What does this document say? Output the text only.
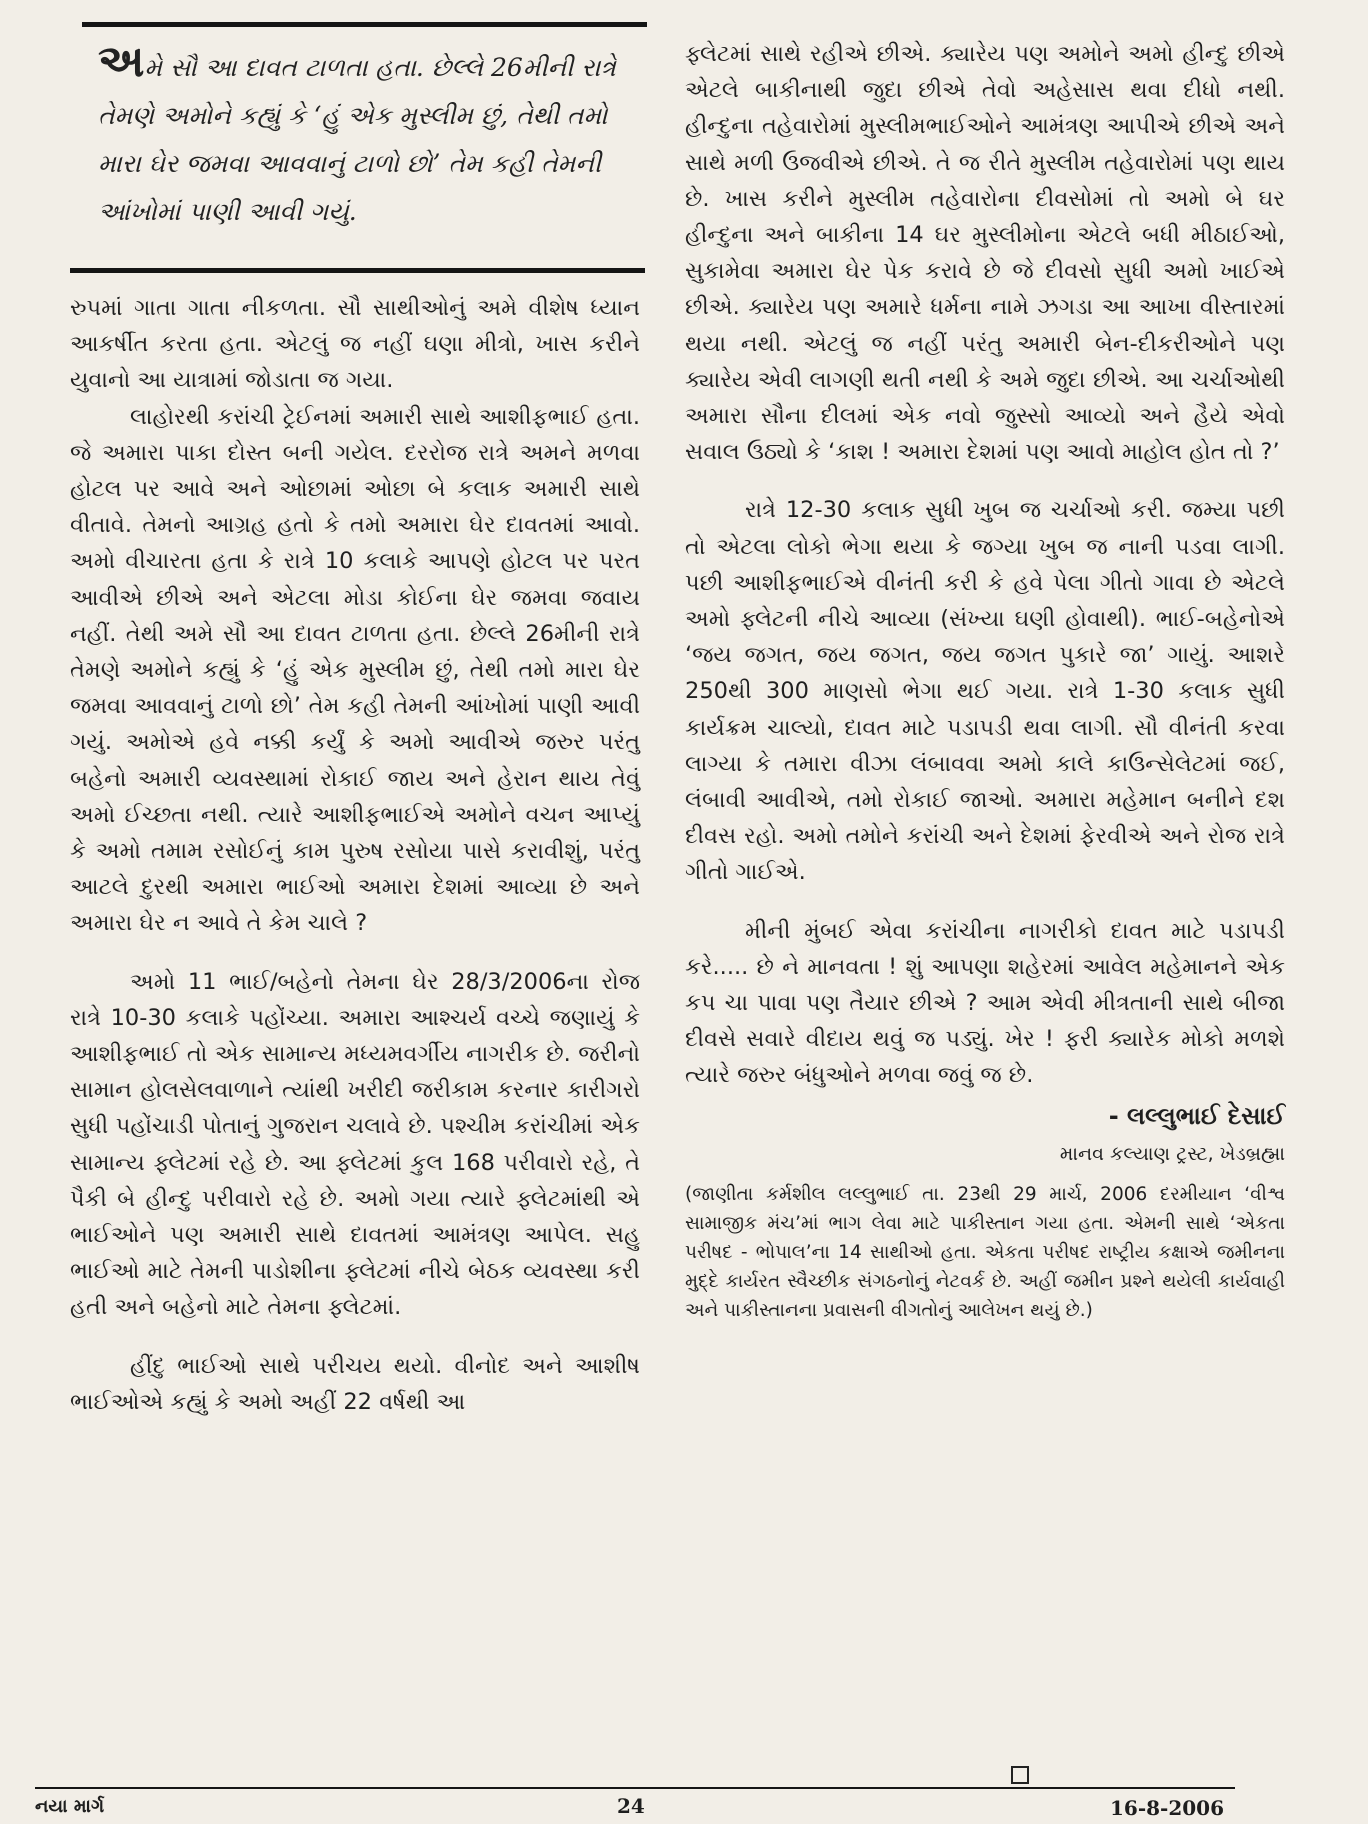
અમે સૌ આ દાવત ટાળતા હતા. છેલ્લે 26મીની રાત્રે તેમણે અમોને કહ્યું કે ‘હું એક મુસ્લીમ છું, તેથી તમો મારા ઘેર જમવા આવવાનું ટાળો છો’ તેમ કહી તેમની આંખોમાં પાણી આવી ગયું.

રુપમાં ગાતા ગાતા નીકળતા. સૌ સાથીઓનું અમે વીશેષ ધ્યાન આકર્ષીત કરતા હતા. એટલું જ નહીં ઘણા મીત્રો, ખાસ કરીને યુવાનો આ યાત્રામાં જોડાતા જ ગયા.

લાહોરથી કરાંચી ટ્રેઈનમાં અમારી સાથે આશીફભાઈ હતા. જે અમારા પાકા દોસ્ત બની ગયેલ. દરરોજ રાત્રે અમને મળવા હોટલ પર આવે અને ઓછામાં ઓછા બે કલાક અમારી સાથે વીતાવે. તેમનો આગ્રહ હતો કે તમો અમારા ઘેર દાવતમાં આવો. અમો વીચારતા હતા કે રાત્રે 10 કલાકે આપણે હોટલ પર પરત આવીએ છીએ અને એટલા મોડા કોઈના ઘેર જમવા જવાય નહીં. તેથી અમે સૌ આ દાવત ટાળતા હતા. છેલ્લે 26મીની રાત્રે તેમણે અમોને કહ્યું કે ‘હું એક મુસ્લીમ છું, તેથી તમો મારા ઘેર જમવા આવવાનું ટાળો છો’ તેમ કહી તેમની આંખોમાં પાણી આવી ગયું. અમોએ હવે નક્કી કર્યું કે અમો આવીએ જરુર પરંતુ બહેનો અમારી વ્યવસ્થામાં રોકાઈ જાય અને હેરાન થાય તેવું અમો ઈચ્છતા નથી. ત્યારે આશીફભાઈએ અમોને વચન આપ્યું કે અમો તમામ રસોઈનું કામ પુરુષ રસોયા પાસે કરાવીશું, પરંતુ આટલે દુરથી અમારા ભાઈઓ અમારા દેશમાં આવ્યા છે અને અમારા ઘેર ન આવે તે કેમ ચાલે ?

અમો 11 ભાઈ/બહેનો તેમના ઘેર 28/3/2006ના રોજ રાત્રે 10-30 કલાકે પહોંચ્યા. અમારા આશ્ચર્ય વચ્ચે જણાયું કે આશીફભાઈ તો એક સામાન્ય મધ્યમવર્ગીય નાગરીક છે. જરીનો સામાન હોલસેલવાળાને ત્યાંથી ખરીદી જરીકામ કરનાર કારીગરો સુધી પહોંચાડી પોતાનું ગુજરાન ચલાવે છે. પશ્ચીમ કરાંચીમાં એક સામાન્ય ફ્લેટમાં રહે છે. આ ફ્લેટમાં કુલ 168 પરીવારો રહે, તે પૈકી બે હીન્દુ પરીવારો રહે છે. અમો ગયા ત્યારે ફ્લેટમાંથી એ ભાઈઓને પણ અમારી સાથે દાવતમાં આમંત્રણ આપેલ. સહુ ભાઈઓ માટે તેમની પાડોશીના ફ્લેટમાં નીચે બેઠક વ્યવસ્થા કરી હતી અને બહેનો માટે તેમના ફ્લેટમાં.

હીંદુ ભાઈઓ સાથે પરીચય થયો. વીનોદ અને આશીષ ભાઈઓએ કહ્યું કે અમો અહીં 22 વર્ષથી આ

ફ્લેટમાં સાથે રહીએ છીએ. ક્યારેય પણ અમોને અમો હીન્દુ છીએ એટલે બાકીનાથી જુદા છીએ તેવો અહેસાસ થવા દીધો નથી. હીન્દુના તહેવારોમાં મુસ્લીમભાઈઓને આમંત્રણ આપીએ છીએ અને સાથે મળી ઉજવીએ છીએ. તે જ રીતે મુસ્લીમ તહેવારોમાં પણ થાય છે. ખાસ કરીને મુસ્લીમ તહેવારોના દીવસોમાં તો અમો બે ઘર હીન્દુના અને બાકીના 14 ઘર મુસ્લીમોના એટલે બધી મીઠાઈઓ, સુકામેવા અમારા ઘેર પેક કરાવે છે જે દીવસો સુધી અમો ખાઈએ છીએ. ક્યારેય પણ અમારે ધર્મના નામે ઝગડા આ આખા વીસ્તારમાં થયા નથી. એટલું જ નહીં પરંતુ અમારી બેન-દીકરીઓને પણ ક્યારેય એવી લાગણી થતી નથી કે અમે જુદા છીએ. આ ચર્ચાઓથી અમારા સૌના દીલમાં એક નવો જુસ્સો આવ્યો અને હૈયે એવો સવાલ ઉઠ્યો કે ‘કાશ ! અમારા દેશમાં પણ આવો માહોલ હોત તો ?’

રાત્રે 12-30 કલાક સુધી ખુબ જ ચર્ચાઓ કરી. જમ્યા પછી તો એટલા લોકો ભેગા થયા કે જગ્યા ખુબ જ નાની પડવા લાગી. પછી આશીફભાઈએ વીનંતી કરી કે હવે પેલા ગીતો ગાવા છે એટલે અમો ફ્લેટની નીચે આવ્યા (સંખ્યા ઘણી હોવાથી). ભાઈ-બહેનોએ ‘જય જગત, જય જગત, જય જગત પુકારે જા’ ગાયું. આશરે 250થી 300 માણસો ભેગા થઈ ગયા. રાત્રે 1-30 કલાક સુધી કાર્યક્રમ ચાલ્યો, દાવત માટે પડાપડી થવા લાગી. સૌ વીનંતી કરવા લાગ્યા કે તમારા વીઝા લંબાવવા અમો કાલે કાઉન્સેલેટમાં જઈ, લંબાવી આવીએ, તમો રોકાઈ જાઓ. અમારા મહેમાન બનીને દશ દીવસ રહો. અમો તમોને કરાંચી અને દેશમાં ફેરવીએ અને રોજ રાત્રે ગીતો ગાઈએ.

મીની મુંબઈ એવા કરાંચીના નાગરીકો દાવત માટે પડાપડી કરે..... છે ને માનવતા ! શું આપણા શહેરમાં આવેલ મહેમાનને એક કપ ચા પાવા પણ તૈયાર છીએ ? આમ એવી મીત્રતાની સાથે બીજા દીવસે સવારે વીદાય થવું જ પડ્યું. ખેર ! ફરી ક્યારેક મોકો મળશે ત્યારે જરુર બંધુઓને મળવા જવું જ છે.

- લલ્લુભાઈ દેસાઈ
માનવ કલ્યાણ ટ્રસ્ટ, ખેડબ્રહ્મા
(જાણીતા કર્મશીલ લલ્લુભાઈ તા. 23થી 29 માર્ચ, 2006 દરમીયાન ‘વીશ્વ સામાજીક મંચ’માં ભાગ લેવા માટે પાકીસ્તાન ગયા હતા. એમની સાથે ‘એકતા પરીષદ - ભોપાલ’ના 14 સાથીઓ હતા. એકતા પરીષદ રાષ્ટ્રીય કક્ષાએ જમીનના મુદ્દે કાર્યરત સ્વૈચ્છીક સંગઠનોનું નેટવર્ક છે. અહીં જમીન પ્રશ્ને થયેલી કાર્યવાહી અને પાકીસ્તાનના પ્રવાસની વીગતોનું આલેખન થયું છે.)
નયા માર્ગ	24	16-8-2006
